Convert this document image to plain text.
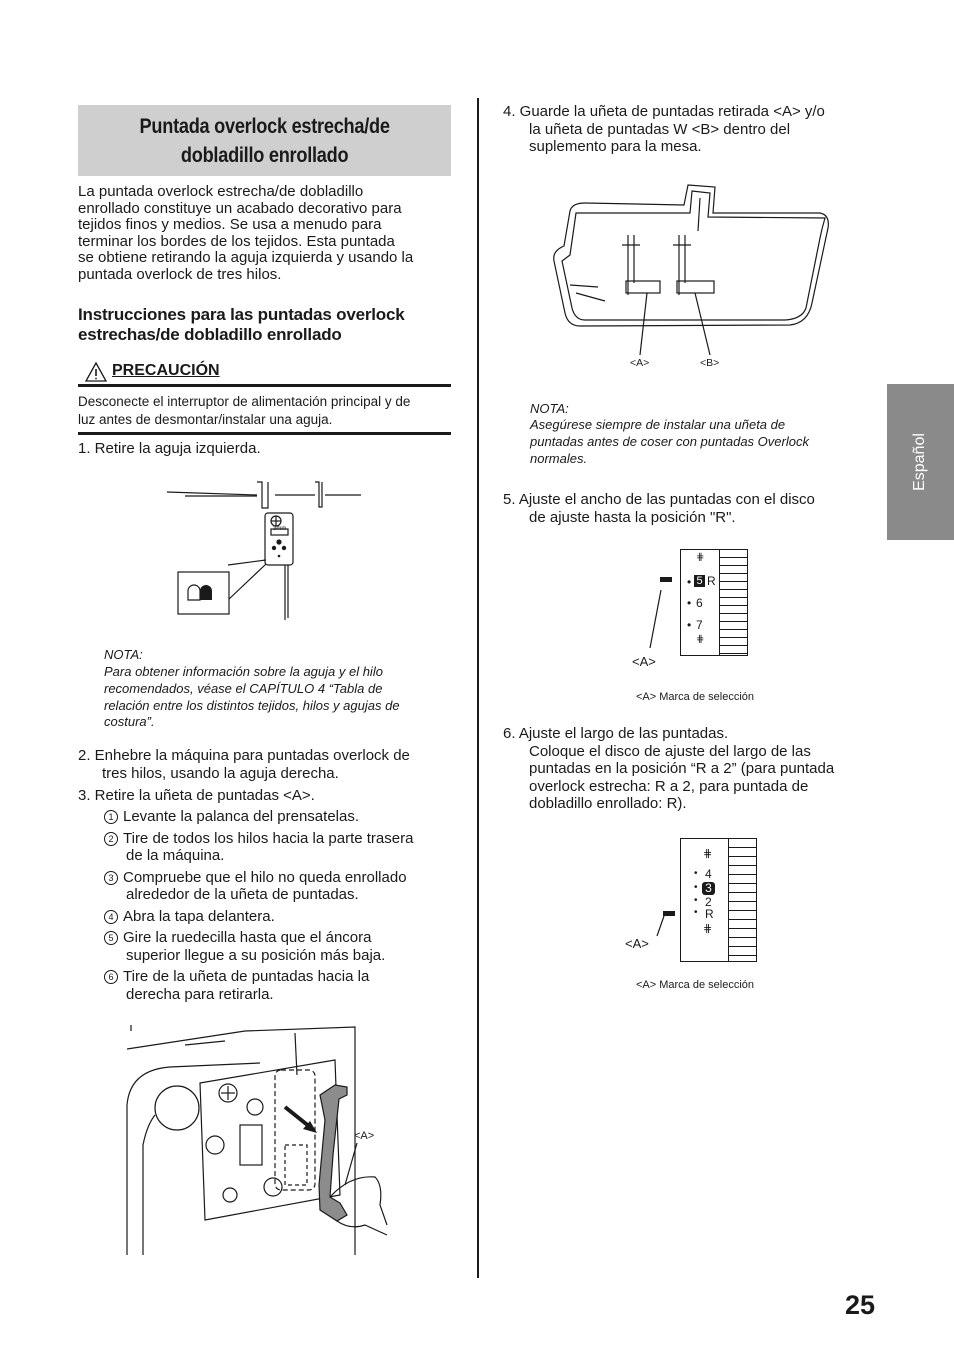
Puntada overlock estrecha/de
dobladillo enrollado
La puntada overlock estrecha/de dobladillo
enrollado constituye un acabado decorativo para
tejidos finos y medios. Se usa a menudo para
terminar los bordes de los tejidos. Esta puntada
se obtiene retirando la aguja izquierda y usando la
puntada overlock de tres hilos.
Instrucciones para las puntadas overlock
estrechas/de dobladillo enrollado
PRECAUCIÓN
Desconecte el interruptor de alimentación principal y de
luz antes de desmontar/instalar una aguja.
1. Retire la aguja izquierda.
3mm
NOTA:
Para obtener información sobre la aguja y el hilo
recomendados, véase el CAPÍTULO 4 “Tabla de
relación entre los distintos tejidos, hilos y agujas de
costura”.
2. Enhebre la máquina para puntadas overlock de
tres hilos, usando la aguja derecha.
3. Retire la uñeta de puntadas <A>.
1 Levante la palanca del prensatelas.
2 Tire de todos los hilos hacia la parte trasera
de la máquina.
3 Compruebe que el hilo no queda enrollado
alrededor de la uñeta de puntadas.
4 Abra la tapa delantera.
5 Gire la ruedecilla hasta que el áncora
superior llegue a su posición más baja.
6 Tire de la uñeta de puntadas hacia la
derecha para retirarla.
<A>
4. Guarde la uñeta de puntadas retirada <A> y/o
la uñeta de puntadas W <B> dentro del
suplemento para la mesa.
<A>	<B>
NOTA:
Asegúrese siempre de instalar una uñeta de
puntadas antes de coser con puntadas Overlock
normales.
5. Ajuste el ancho de las puntadas con el disco
de ajuste hasta la posición "R".
⋕
• 5 R
• 6
• 7
⋕
<A>
<A> Marca de selección
6. Ajuste el largo de las puntadas.
Coloque el disco de ajuste del largo de las
puntadas en la posición “R a 2” (para puntada
overlock estrecha: R a 2, para puntada de
dobladillo enrollado: R).
⋕
• 4
• 3
• 2
• R
⋕
<A>
<A> Marca de selección
Español
25
